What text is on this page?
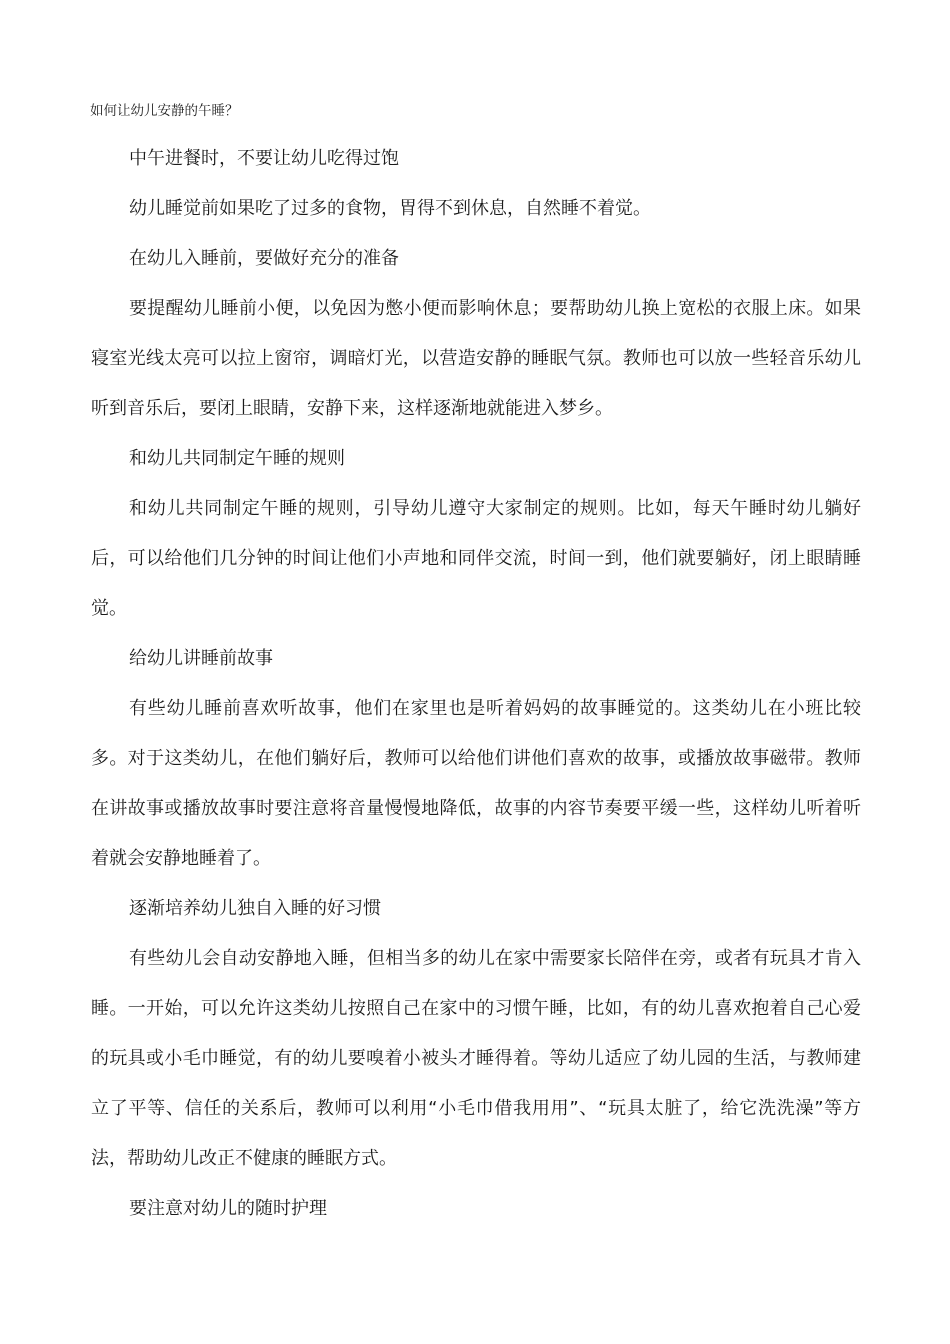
如何让幼儿安静的午睡？

中午进餐时，不要让幼儿吃得过饱

幼儿睡觉前如果吃了过多的食物，胃得不到休息，自然睡不着觉。

在幼儿入睡前，要做好充分的准备

要提醒幼儿睡前小便，以免因为憋小便而影响休息；要帮助幼儿换上宽松的衣服上床。如果寝室光线太亮可以拉上窗帘，调暗灯光，以营造安静的睡眠气氛。教师也可以放一些轻音乐幼儿听到音乐后，要闭上眼睛，安静下来，这样逐渐地就能进入梦乡。

和幼儿共同制定午睡的规则

和幼儿共同制定午睡的规则，引导幼儿遵守大家制定的规则。比如，每天午睡时幼儿躺好后，可以给他们几分钟的时间让他们小声地和同伴交流，时间一到，他们就要躺好，闭上眼睛睡觉。

给幼儿讲睡前故事

有些幼儿睡前喜欢听故事，他们在家里也是听着妈妈的故事睡觉的。这类幼儿在小班比较多。对于这类幼儿，在他们躺好后，教师可以给他们讲他们喜欢的故事，或播放故事磁带。教师在讲故事或播放故事时要注意将音量慢慢地降低，故事的内容节奏要平缓一些，这样幼儿听着听着就会安静地睡着了。

逐渐培养幼儿独自入睡的好习惯

有些幼儿会自动安静地入睡，但相当多的幼儿在家中需要家长陪伴在旁，或者有玩具才肯入睡。一开始，可以允许这类幼儿按照自己在家中的习惯午睡，比如，有的幼儿喜欢抱着自己心爱的玩具或小毛巾睡觉，有的幼儿要嗅着小被头才睡得着。等幼儿适应了幼儿园的生活，与教师建立了平等、信任的关系后，教师可以利用“小毛巾借我用用”、“玩具太脏了，给它洗洗澡”等方法，帮助幼儿改正不健康的睡眠方式。

要注意对幼儿的随时护理
